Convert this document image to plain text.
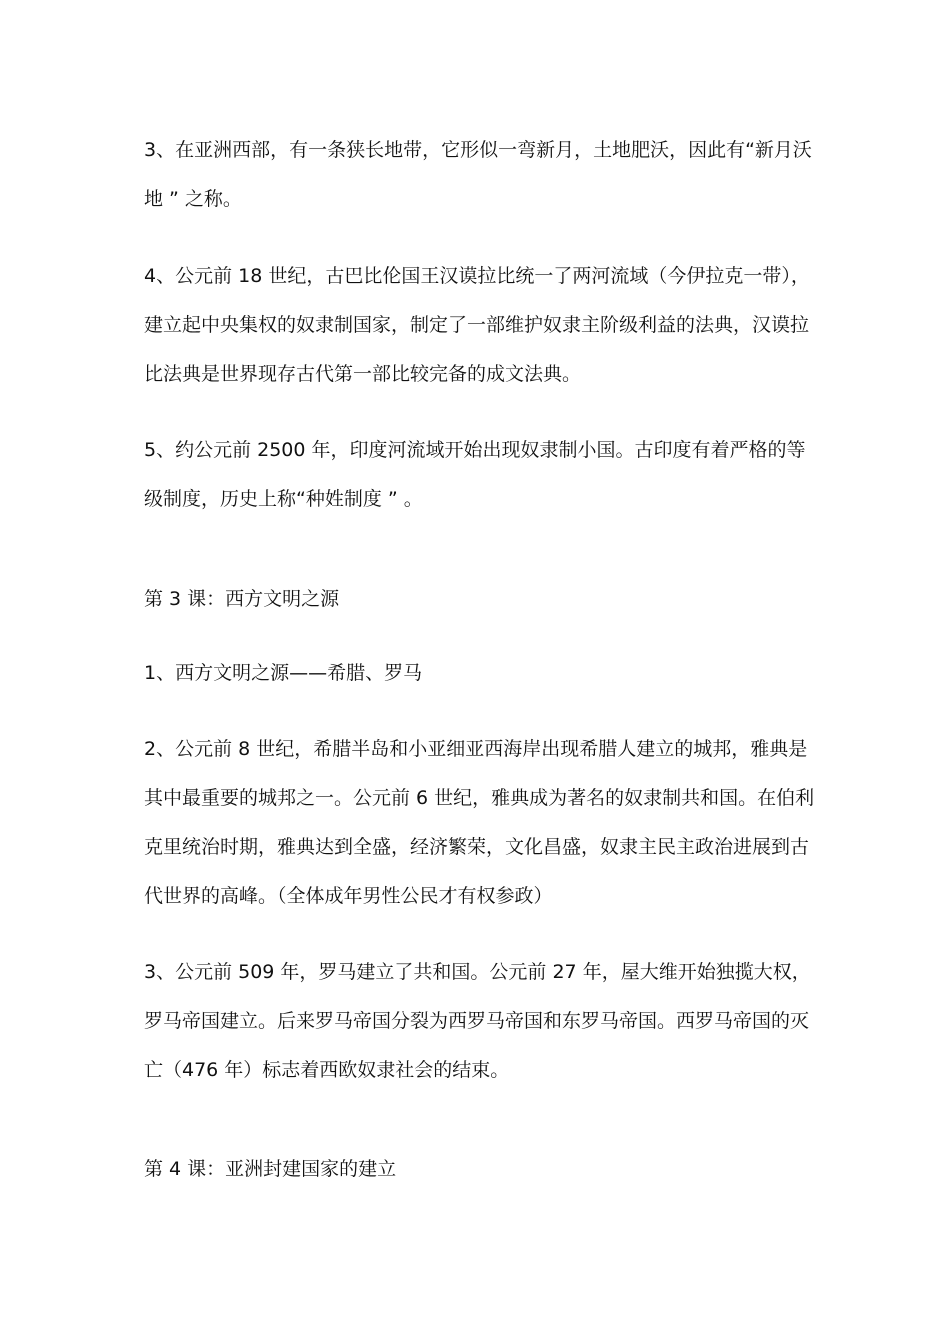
3、在亚洲西部，有一条狭长地带，它形似一弯新月，土地肥沃，因此有“新月沃地 ” 之称。
4、公元前 18 世纪，古巴比伦国王汉谟拉比统一了两河流域（今伊拉克一带），建立起中央集权的奴隶制国家，制定了一部维护奴隶主阶级利益的法典，汉谟拉比法典是世界现存古代第一部比较完备的成文法典。
5、约公元前 2500 年，印度河流域开始出现奴隶制小国。古印度有着严格的等级制度，历史上称“种姓制度 ” 。
第 3 课：西方文明之源
1、西方文明之源——希腊、罗马
2、公元前 8 世纪，希腊半岛和小亚细亚西海岸出现希腊人建立的城邦，雅典是其中最重要的城邦之一。公元前 6 世纪，雅典成为著名的奴隶制共和国。在伯利克里统治时期，雅典达到全盛，经济繁荣，文化昌盛，奴隶主民主政治进展到古代世界的高峰。（全体成年男性公民才有权参政）
3、公元前 509 年，罗马建立了共和国。公元前 27 年，屋大维开始独揽大权，罗马帝国建立。后来罗马帝国分裂为西罗马帝国和东罗马帝国。西罗马帝国的灭亡（476 年）标志着西欧奴隶社会的结束。
第 4 课：亚洲封建国家的建立
